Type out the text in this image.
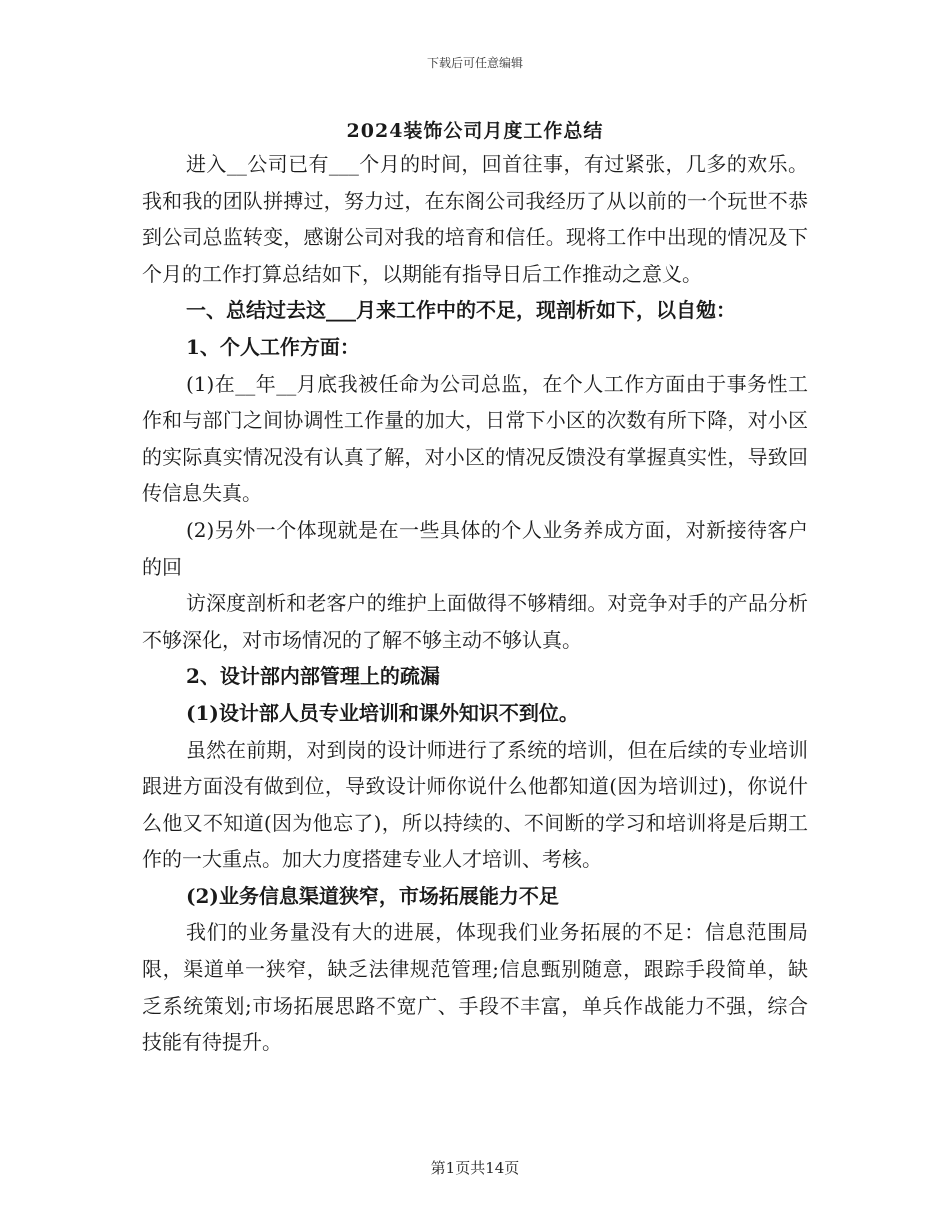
下载后可任意编辑
2024装饰公司月度工作总结

进入__公司已有___个月的时间，回首往事，有过紧张，几多的欢乐。我和我的团队拼搏过，努力过，在东阁公司我经历了从以前的一个玩世不恭到公司总监转变，感谢公司对我的培育和信任。现将工作中出现的情况及下个月的工作打算总结如下，以期能有指导日后工作推动之意义。

一、总结过去这___月来工作中的不足，现剖析如下，以自勉：

1、个人工作方面：

(1)在__年__月底我被任命为公司总监，在个人工作方面由于事务性工作和与部门之间协调性工作量的加大，日常下小区的次数有所下降，对小区的实际真实情况没有认真了解，对小区的情况反馈没有掌握真实性，导致回传信息失真。

(2)另外一个体现就是在一些具体的个人业务养成方面，对新接待客户的回

访深度剖析和老客户的维护上面做得不够精细。对竞争对手的产品分析不够深化，对市场情况的了解不够主动不够认真。

2、设计部内部管理上的疏漏

(1)设计部人员专业培训和课外知识不到位。

虽然在前期，对到岗的设计师进行了系统的培训，但在后续的专业培训跟进方面没有做到位，导致设计师你说什么他都知道(因为培训过)，你说什么他又不知道(因为他忘了)，所以持续的、不间断的学习和培训将是后期工作的一大重点。加大力度搭建专业人才培训、考核。

(2)业务信息渠道狭窄，市场拓展能力不足

我们的业务量没有大的进展，体现我们业务拓展的不足：信息范围局限，渠道单一狭窄，缺乏法律规范管理;信息甄别随意，跟踪手段简单，缺乏系统策划;市场拓展思路不宽广、手段不丰富，单兵作战能力不强，综合技能有待提升。

第1页共14页
